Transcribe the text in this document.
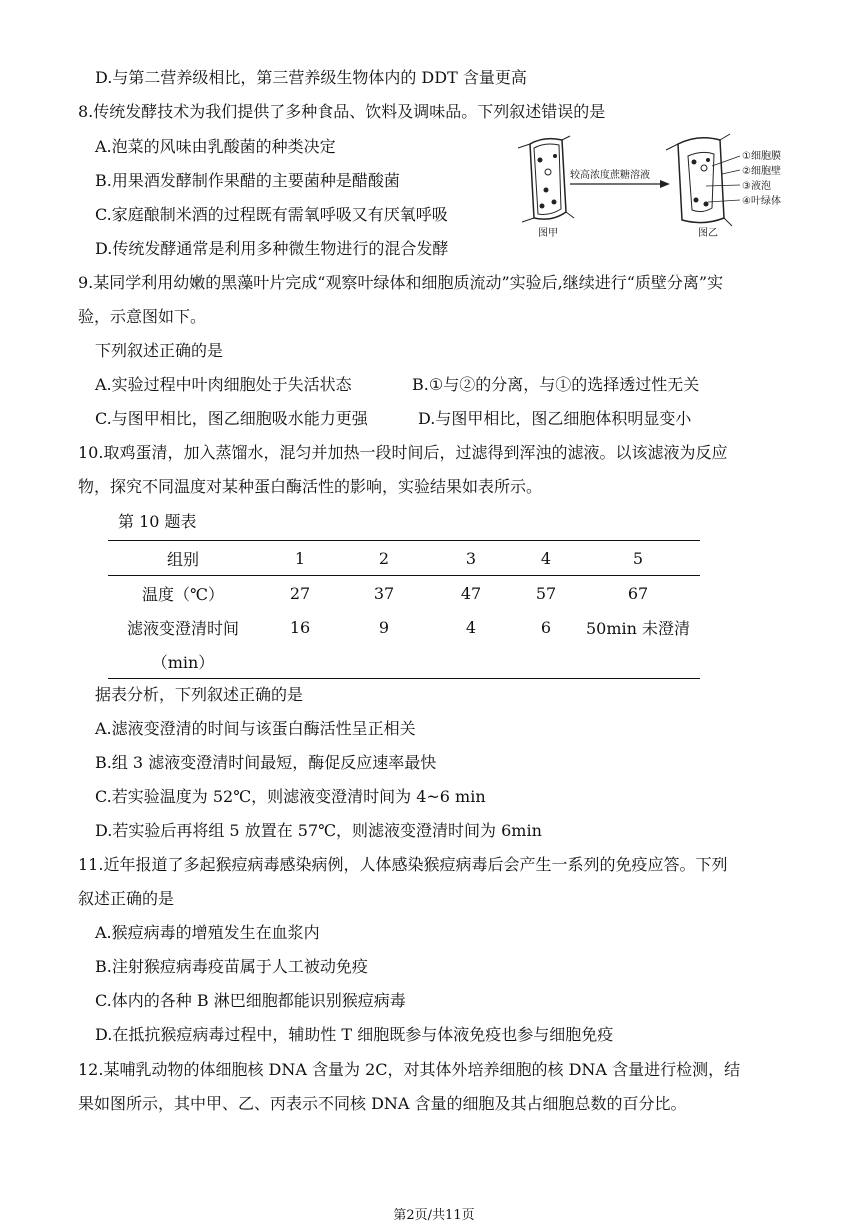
D.与第二营养级相比，第三营养级生物体内的 DDT 含量更高
8.传统发酵技术为我们提供了多种食品、饮料及调味品。下列叙述错误的是
A.泡菜的风味由乳酸菌的种类决定
B.用果酒发酵制作果醋的主要菌种是醋酸菌
C.家庭酿制米酒的过程既有需氧呼吸又有厌氧呼吸
D.传统发酵通常是利用多种微生物进行的混合发酵
图甲
较高浓度蔗糖溶液
图乙
①细胞膜
②细胞壁
③液泡
④叶绿体
9.某同学利用幼嫩的黑藻叶片完成“观察叶绿体和细胞质流动”实验后,继续进行“质壁分离”实
验，示意图如下。
下列叙述正确的是
A.实验过程中叶肉细胞处于失活状态	B.①与②的分离，与①的选择透过性无关
C.与图甲相比，图乙细胞吸水能力更强	D.与图甲相比，图乙细胞体积明显变小
10.取鸡蛋清，加入蒸馏水，混匀并加热一段时间后，过滤得到浑浊的滤液。以该滤液为反应
物，探究不同温度对某种蛋白酶活性的影响，实验结果如表所示。
第 10 题表
组别	1	2	3	4	5
温度（℃）	27	37	47	57	67
滤液变澄清时间	16	9	4	6	50min 未澄清
（min）					
据表分析，下列叙述正确的是
A.滤液变澄清的时间与该蛋白酶活性呈正相关
B.组 3 滤液变澄清时间最短，酶促反应速率最快
C.若实验温度为 52℃，则滤液变澄清时间为 4~6 min
D.若实验后再将组 5 放置在 57℃，则滤液变澄清时间为 6min
11.近年报道了多起猴痘病毒感染病例，人体感染猴痘病毒后会产生一系列的免疫应答。下列
叙述正确的是
A.猴痘病毒的增殖发生在血浆内
B.注射猴痘病毒疫苗属于人工被动免疫
C.体内的各种 B 淋巴细胞都能识别猴痘病毒
D.在抵抗猴痘病毒过程中，辅助性 T 细胞既参与体液免疫也参与细胞免疫
12.某哺乳动物的体细胞核 DNA 含量为 2C，对其体外培养细胞的核 DNA 含量进行检测，结
果如图所示，其中甲、乙、丙表示不同核 DNA 含量的细胞及其占细胞总数的百分比。
第2页/共11页
